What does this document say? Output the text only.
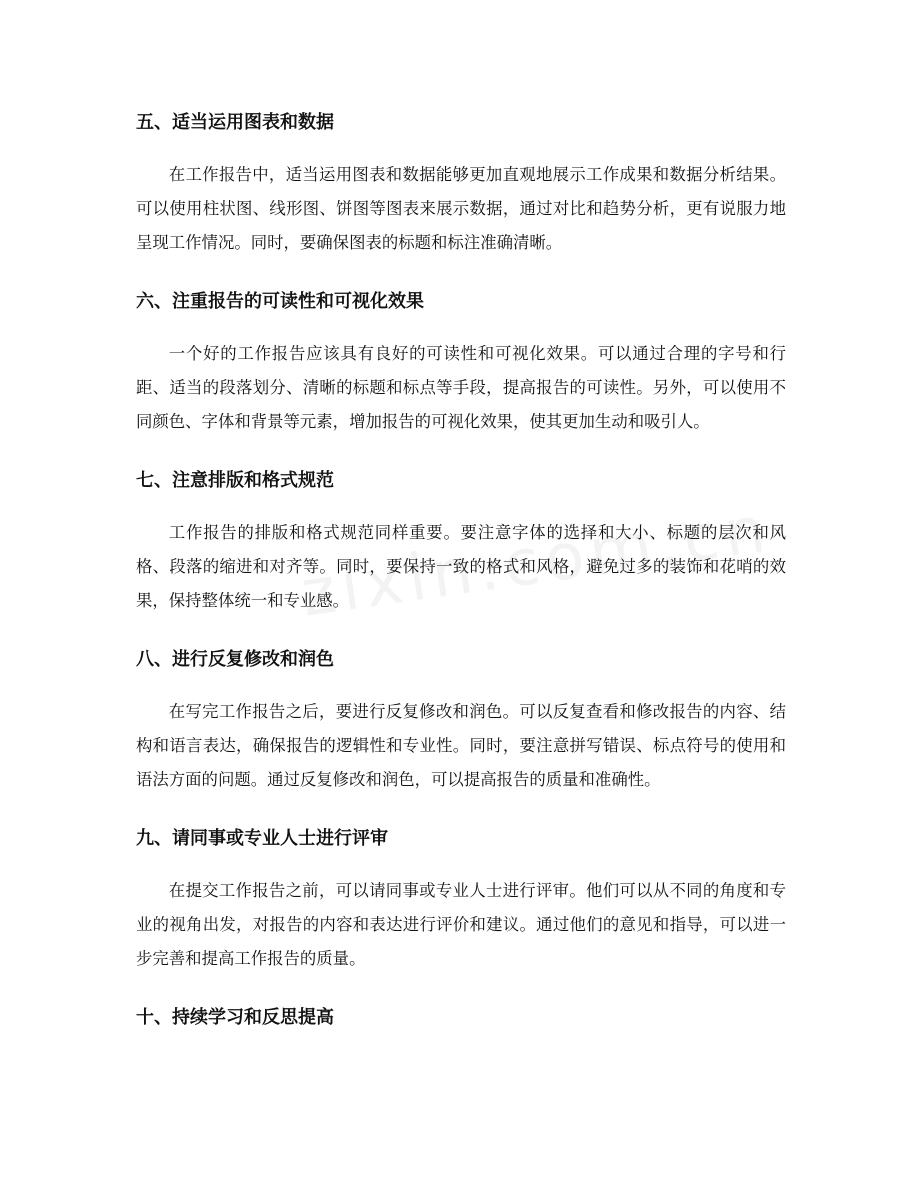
五、适当运用图表和数据

在工作报告中，适当运用图表和数据能够更加直观地展示工作成果和数据分析结果。可以使用柱状图、线形图、饼图等图表来展示数据，通过对比和趋势分析，更有说服力地呈现工作情况。同时，要确保图表的标题和标注准确清晰。

六、注重报告的可读性和可视化效果

一个好的工作报告应该具有良好的可读性和可视化效果。可以通过合理的字号和行距、适当的段落划分、清晰的标题和标点等手段，提高报告的可读性。另外，可以使用不同颜色、字体和背景等元素，增加报告的可视化效果，使其更加生动和吸引人。

七、注意排版和格式规范

工作报告的排版和格式规范同样重要。要注意字体的选择和大小、标题的层次和风格、段落的缩进和对齐等。同时，要保持一致的格式和风格，避免过多的装饰和花哨的效果，保持整体统一和专业感。

八、进行反复修改和润色

在写完工作报告之后，要进行反复修改和润色。可以反复查看和修改报告的内容、结构和语言表达，确保报告的逻辑性和专业性。同时，要注意拼写错误、标点符号的使用和语法方面的问题。通过反复修改和润色，可以提高报告的质量和准确性。

九、请同事或专业人士进行评审

在提交工作报告之前，可以请同事或专业人士进行评审。他们可以从不同的角度和专业的视角出发，对报告的内容和表达进行评价和建议。通过他们的意见和指导，可以进一步完善和提高工作报告的质量。

十、持续学习和反思提高
